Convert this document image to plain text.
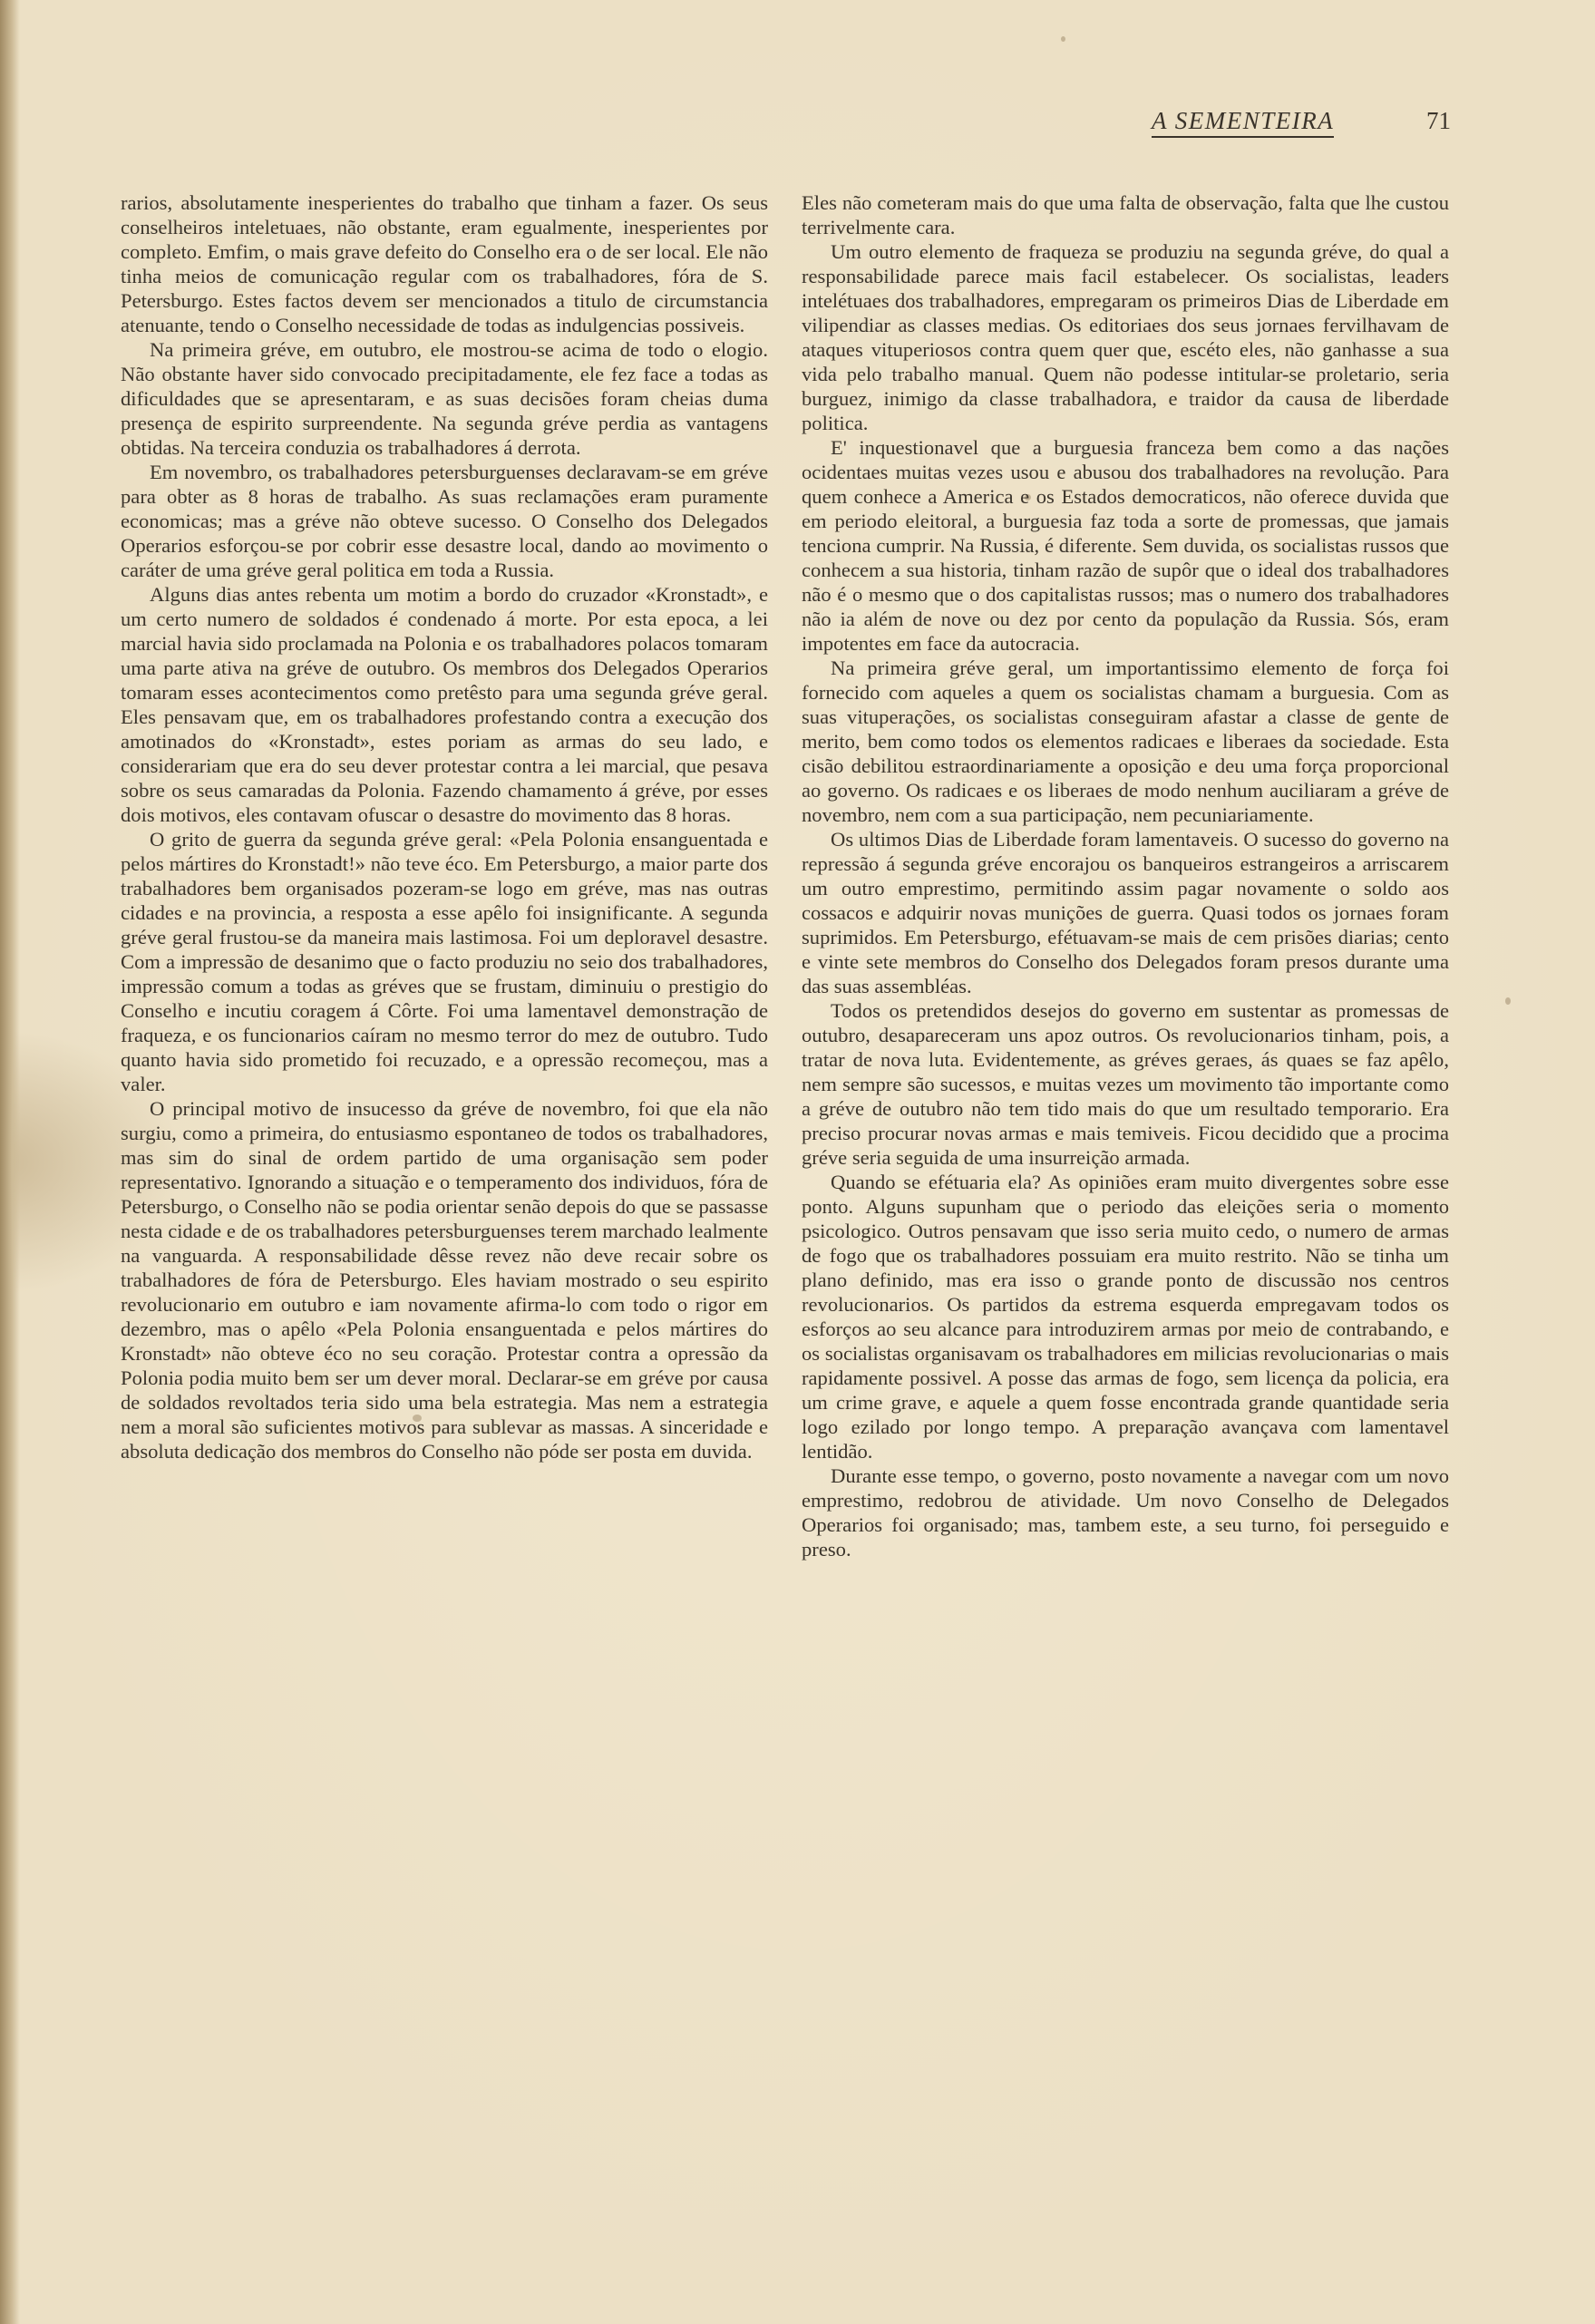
A SEMENTEIRA	71

rarios, absolutamente inesperientes do trabalho que tinham a fazer. Os seus conselheiros inteletuaes, não obstante, eram egualmente, inesperientes por completo. Emfim, o mais grave defeito do Conselho era o de ser local. Ele não tinha meios de comunicação regular com os trabalhadores, fóra de S. Petersburgo. Estes factos devem ser mencionados a titulo de circumstancia atenuante, tendo o Conselho necessidade de todas as indulgencias possiveis.

Na primeira gréve, em outubro, ele mostrou-se acima de todo o elogio. Não obstante haver sido convocado precipitadamente, ele fez face a todas as dificuldades que se apresentaram, e as suas decisões foram cheias duma presença de espirito surpreendente. Na segunda gréve perdia as vantagens obtidas. Na terceira conduzia os trabalhadores á derrota.

Em novembro, os trabalhadores petersburguenses declaravam-se em gréve para obter as 8 horas de trabalho. As suas reclamações eram puramente economicas; mas a gréve não obteve sucesso. O Conselho dos Delegados Operarios esforçou-se por cobrir esse desastre local, dando ao movimento o caráter de uma gréve geral politica em toda a Russia.

Alguns dias antes rebenta um motim a bordo do cruzador «Kronstadt», e um certo numero de soldados é condenado á morte. Por esta epoca, a lei marcial havia sido proclamada na Polonia e os trabalhadores polacos tomaram uma parte ativa na gréve de outubro. Os membros dos Delegados Operarios tomaram esses acontecimentos como pretêsto para uma segunda gréve geral. Eles pensavam que, em os trabalhadores profestando contra a execução dos amotinados do «Kronstadt», estes poriam as armas do seu lado, e considerariam que era do seu dever protestar contra a lei marcial, que pesava sobre os seus camaradas da Polonia. Fazendo chamamento á gréve, por esses dois motivos, eles contavam ofuscar o desastre do movimento das 8 horas.

O grito de guerra da segunda gréve geral: «Pela Polonia ensanguentada e pelos mártires do Kronstadt!» não teve éco. Em Petersburgo, a maior parte dos trabalhadores bem organisados pozeram-se logo em gréve, mas nas outras cidades e na provincia, a resposta a esse apêlo foi insignificante. A segunda gréve geral frustou-se da maneira mais lastimosa. Foi um deploravel desastre. Com a impressão de desanimo que o facto produziu no seio dos trabalhadores, impressão comum a todas as gréves que se frustam, diminuiu o prestigio do Conselho e incutiu coragem á Côrte. Foi uma lamentavel demonstração de fraqueza, e os funcionarios caíram no mesmo terror do mez de outubro. Tudo quanto havia sido prometido foi recuzado, e a opressão recomeçou, mas a valer.

O principal motivo de insucesso da gréve de novembro, foi que ela não surgiu, como a primeira, do entusiasmo espontaneo de todos os trabalhadores, mas sim do sinal de ordem partido de uma organisação sem poder representativo. Ignorando a situação e o temperamento dos individuos, fóra de Petersburgo, o Conselho não se podia orientar senão depois do que se passasse nesta cidade e de os trabalhadores petersburguenses terem marchado lealmente na vanguarda. A responsabilidade dêsse revez não deve recair sobre os trabalhadores de fóra de Petersburgo. Eles haviam mostrado o seu espirito revolucionario em outubro e iam novamente afirma-lo com todo o rigor em dezembro, mas o apêlo «Pela Polonia ensanguentada e pelos mártires do Kronstadt» não obteve éco no seu coração. Protestar contra a opressão da Polonia podia muito bem ser um dever moral. Declarar-se em gréve por causa de soldados revoltados teria sido uma bela estrategia. Mas nem a estrategia nem a moral são suficientes motivos para sublevar as massas. A sinceridade e absoluta dedicação dos membros do Conselho não póde ser posta em duvida.

Eles não cometeram mais do que uma falta de observação, falta que lhe custou terrivelmente cara.

Um outro elemento de fraqueza se produziu na segunda gréve, do qual a responsabilidade parece mais facil estabelecer. Os socialistas, leaders intelétuaes dos trabalhadores, empregaram os primeiros Dias de Liberdade em vilipendiar as classes medias. Os editoriaes dos seus jornaes fervilhavam de ataques vituperiosos contra quem quer que, escéto eles, não ganhasse a sua vida pelo trabalho manual. Quem não podesse intitular-se proletario, seria burguez, inimigo da classe trabalhadora, e traidor da causa de liberdade politica.

E' inquestionavel que a burguesia franceza bem como a das nações ocidentaes muitas vezes usou e abusou dos trabalhadores na revolução. Para quem conhece a America e os Estados democraticos, não oferece duvida que em periodo eleitoral, a burguesia faz toda a sorte de promessas, que jamais tenciona cumprir. Na Russia, é diferente. Sem duvida, os socialistas russos que conhecem a sua historia, tinham razão de supôr que o ideal dos trabalhadores não é o mesmo que o dos capitalistas russos; mas o numero dos trabalhadores não ia além de nove ou dez por cento da população da Russia. Sós, eram impotentes em face da autocracia.

Na primeira gréve geral, um importantissimo elemento de força foi fornecido com aqueles a quem os socialistas chamam a burguesia. Com as suas vituperações, os socialistas conseguiram afastar a classe de gente de merito, bem como todos os elementos radicaes e liberaes da sociedade. Esta cisão debilitou estraordinariamente a oposição e deu uma força proporcional ao governo. Os radicaes e os liberaes de modo nenhum auciliaram a gréve de novembro, nem com a sua participação, nem pecuniariamente.

Os ultimos Dias de Liberdade foram lamentaveis. O sucesso do governo na repressão á segunda gréve encorajou os banqueiros estrangeiros a arriscarem um outro emprestimo, permitindo assim pagar novamente o soldo aos cossacos e adquirir novas munições de guerra. Quasi todos os jornaes foram suprimidos. Em Petersburgo, efétuavam-se mais de cem prisões diarias; cento e vinte sete membros do Conselho dos Delegados foram presos durante uma das suas assembléas.

Todos os pretendidos desejos do governo em sustentar as promessas de outubro, desapareceram uns apoz outros. Os revolucionarios tinham, pois, a tratar de nova luta. Evidentemente, as gréves geraes, ás quaes se faz apêlo, nem sempre são sucessos, e muitas vezes um movimento tão importante como a gréve de outubro não tem tido mais do que um resultado temporario. Era preciso procurar novas armas e mais temiveis. Ficou decidido que a procima gréve seria seguida de uma insurreição armada.

Quando se efétuaria ela? As opiniões eram muito divergentes sobre esse ponto. Alguns supunham que o periodo das eleições seria o momento psicologico. Outros pensavam que isso seria muito cedo, o numero de armas de fogo que os trabalhadores possuiam era muito restrito. Não se tinha um plano definido, mas era isso o grande ponto de discussão nos centros revolucionarios. Os partidos da estrema esquerda empregavam todos os esforços ao seu alcance para introduzirem armas por meio de contrabando, e os socialistas organisavam os trabalhadores em milicias revolucionarias o mais rapidamente possivel. A posse das armas de fogo, sem licença da policia, era um crime grave, e aquele a quem fosse encontrada grande quantidade seria logo ezilado por longo tempo. A preparação avançava com lamentavel lentidão.

Durante esse tempo, o governo, posto novamente a navegar com um novo emprestimo, redobrou de atividade. Um novo Conselho de Delegados Operarios foi organisado; mas, tambem este, a seu turno, foi perseguido e preso.
